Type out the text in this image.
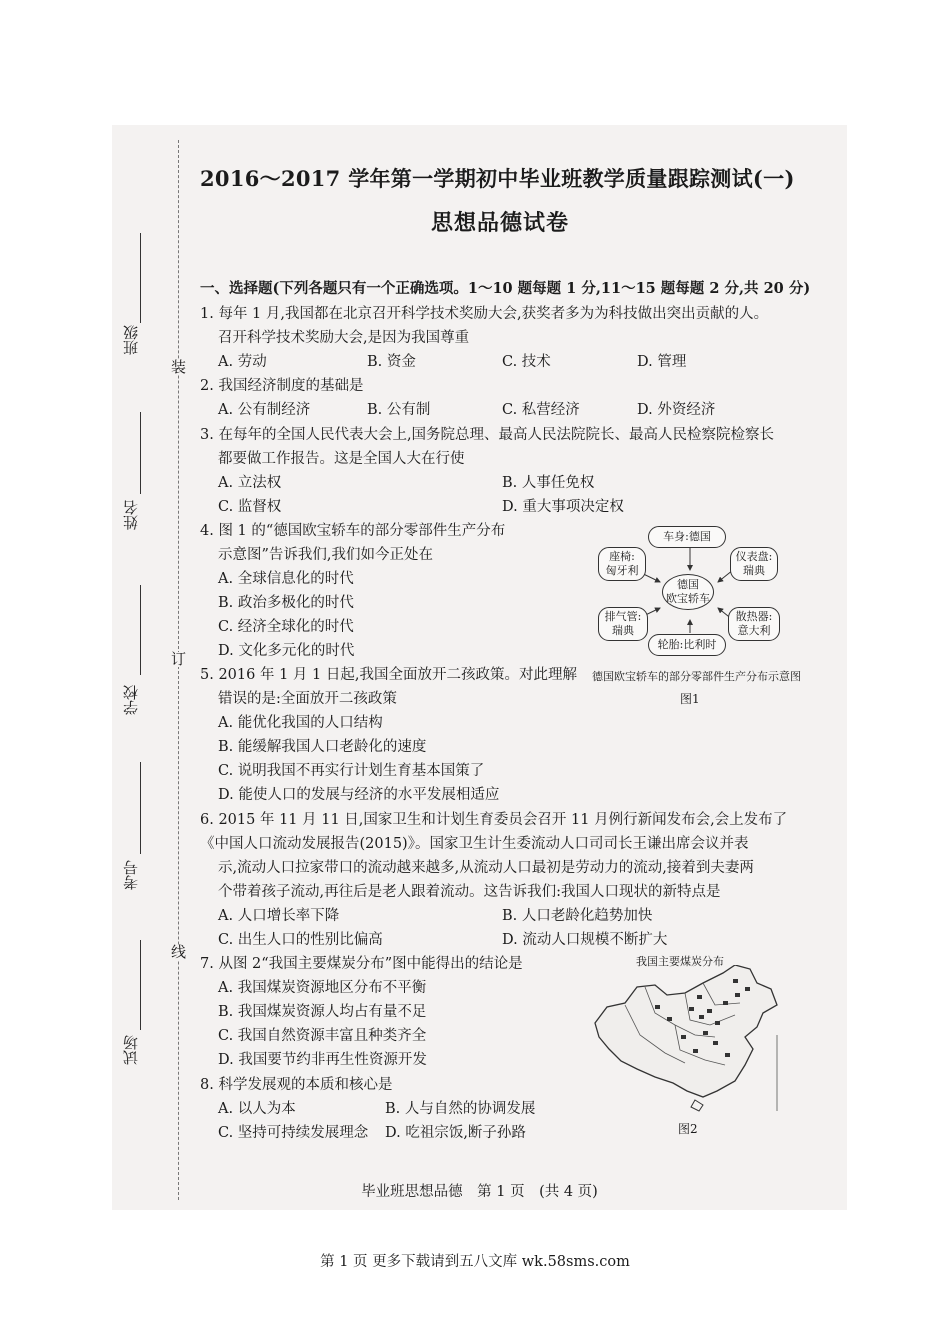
装
订
线
班级
姓名
学校
考号
试场
2016～2017 学年第一学期初中毕业班教学质量跟踪测试(一)
思想品德试卷
一、选择题(下列各题只有一个正确选项。1～10 题每题 1 分,11～15 题每题 2 分,共 20 分)
1. 每年 1 月,我国都在北京召开科学技术奖励大会,获奖者多为为科技做出突出贡献的人。
召开科学技术奖励大会,是因为我国尊重
A. 劳动	B. 资金	C. 技术	D. 管理
2. 我国经济制度的基础是
A. 公有制经济	B. 公有制	C. 私营经济	D. 外资经济
3. 在每年的全国人民代表大会上,国务院总理、最高人民法院院长、最高人民检察院检察长
都要做工作报告。这是全国人大在行使
A. 立法权	B. 人事任免权
C. 监督权	D. 重大事项决定权
4. 图 1 的“德国欧宝轿车的部分零部件生产分布
示意图”告诉我们,我们如今正处在
A. 全球信息化的时代
B. 政治多极化的时代
C. 经济全球化的时代
D. 文化多元化的时代
车身:德国
座椅:
匈牙利
仪表盘:
瑞典
德国
欧宝轿车
排气管:
瑞典
散热器:
意大利
轮胎:比利时
德国欧宝轿车的部分零部件生产分布示意图
图1
5. 2016 年 1 月 1 日起,我国全面放开二孩政策。对此理解
错误的是:全面放开二孩政策
A. 能优化我国的人口结构
B. 能缓解我国人口老龄化的速度
C. 说明我国不再实行计划生育基本国策了
D. 能使人口的发展与经济的水平发展相适应
6. 2015 年 11 月 11 日,国家卫生和计划生育委员会召开 11 月例行新闻发布会,会上发布了
《中国人口流动发展报告(2015)》。国家卫生计生委流动人口司司长王谦出席会议并表
示,流动人口拉家带口的流动越来越多,从流动人口最初是劳动力的流动,接着到夫妻两
个带着孩子流动,再往后是老人跟着流动。这告诉我们:我国人口现状的新特点是
A. 人口增长率下降	B. 人口老龄化趋势加快
C. 出生人口的性别比偏高	D. 流动人口规模不断扩大
7. 从图 2“我国主要煤炭分布”图中能得出的结论是
A. 我国煤炭资源地区分布不平衡
B. 我国煤炭资源人均占有量不足
C. 我国自然资源丰富且种类齐全
D. 我国要节约非再生性资源开发
我国主要煤炭分布
图2
8. 科学发展观的本质和核心是
A. 以人为本	B. 人与自然的协调发展
C. 坚持可持续发展理念 D. 吃祖宗饭,断子孙路
毕业班思想品德　第 1 页　(共 4 页)
第 1 页 更多下载请到五八文库 wk.58sms.com
